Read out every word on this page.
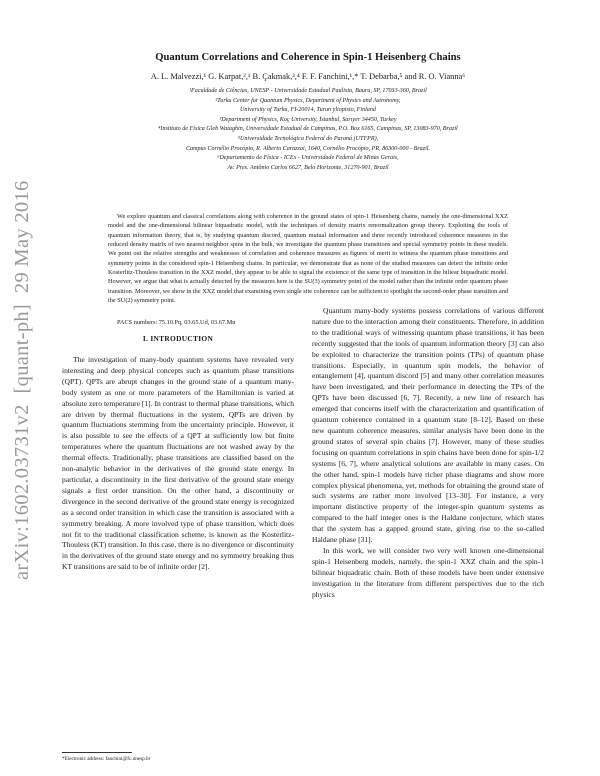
arXiv:1602.03731v2  [quant-ph]  29 May 2016
Quantum Correlations and Coherence in Spin-1 Heisenberg Chains
A. L. Malvezzi,¹ G. Karpat,²,¹ B. Çakmak,³,⁴ F. F. Fanchini,¹,* T. Debarba,⁵ and R. O. Vianna⁶
¹Faculdade de Ciências, UNESP - Universidade Estadual Paulista, Bauru, SP, 17033-360, Brazil
²Turku Center for Quantum Physics, Department of Physics and Astronomy,
University of Turku, FI-20014, Turun yliopisto, Finland
³Department of Physics, Koç University, İstanbul, Sarıyer 34450, Turkey
⁴Instituto de Física Gleb Wataghin, Universidade Estadual de Campinas, P.O. Box 6165, Campinas, SP, 13083-970, Brazil
⁵Universidade Tecnológica Federal do Paraná (UTFPR),
Campus Cornélio Procópio, R. Alberto Carazzai, 1640, Cornélio Procópio, PR, 86300-000 - Brazil.
⁶Departamento de Física - ICEx - Universidade Federal de Minas Gerais,
Av. Pres. Antônio Carlos 6627, Belo Horizonte, 31270-901, Brazil

We explore quantum and classical correlations along with coherence in the ground states of spin-1 Heisenberg chains, namely the one-dimensional XXZ model and the one-dimensional bilinear biquadratic model, with the techniques of density matrix renormalization group theory. Exploiting the tools of quantum information theory, that is, by studying quantum discord, quantum mutual information and three recently introduced coherence measures in the reduced density matrix of two nearest neighbor spins in the bulk, we investigate the quantum phase transitions and special symmetry points in these models. We point out the relative strengths and weaknesses of correlation and coherence measures as figures of merit to witness the quantum phase transitions and symmetry points in the considered spin-1 Heisenberg chains. In particular, we demonstrate that as none of the studied measures can detect the infinite order Kosterlitz-Thouless transition in the XXZ model, they appear to be able to signal the existence of the same type of transition in the biliear biquadratic model. However, we argue that what is actually detected by the measures here is the SU(3) symmetry point of the model rather than the infinite order quantum phase transition. Moreover, we show in the XXZ model that examining even single site coherence can be sufficient to spotlight the second-order phase transition and the SU(2) symmetry point.

PACS numbers: 75.10.Pq, 03.65.Ud, 03.67.Mn
I. INTRODUCTION

The investigation of many-body quantum systems have revealed very interesting and deep physical concepts such as quantum phase transitions (QPT). QPTs are abrupt changes in the ground state of a quantum many-body system as one or more parameters of the Hamiltonian is varied at absolute zero temperature [1]. In contrast to thermal phase transitions, which are driven by thermal fluctuations in the system, QPTs are driven by quantum fluctuations stemming from the uncertainty principle. However, it is also possible to see the effects of a QPT at sufficiently low but finite temperatures where the quantum fluctuations are not washed away by the thermal effects. Traditionally, phase transitions are classified based on the non-analytic behavior in the derivatives of the ground state energy. In particular, a discontinuity in the first derivative of the ground state energy signals a first order transition. On the other hand, a discontinuity or divergence in the second derivative of the ground state energy is recognized as a second order transition in which case the transition is associated with a symmetry breaking. A more involved type of phase transition, which does not fit to the traditional classification scheme, is known as the Kosterlitz-Thouless (KT) transition. In this case, there is no divergence or discontinuity in the derivatives of the ground state energy and no symmetry breaking thus KT transitions are said to be of infinite order [2].

Quantum many-body systems possess correlations of various different nature due to the interaction among their constituents. Therefore, in addition to the traditional ways of witnessing quantum phase transitions, it has been recently suggested that the tools of quantum information theory [3] can also be exploited to characterize the transition points (TPs) of quantum phase transitions. Especially, in quantum spin models, the behavior of entanglement [4], quantum discord [5] and many other correlation measures have been investigated, and their performance in detecting the TPs of the QPTs have been discussed [6, 7]. Recently, a new line of research has emerged that concerns itself with the characterization and quantification of quantum coherence contained in a quantum state [8–12]. Based on these new quantum coherence measures, similar analysis have been done in the ground states of several spin chains [7]. However, many of these studies focusing on quantum correlations in spin chains have been done for spin-1/2 systems [6, 7], where analytical solutions are available in many cases. On the other hand, spin-1 models have richer phase diagrams and show more complex physical phenomena, yet, methods for obtaining the ground state of such systems are rather more involved [13–30]. For instance, a very important distinctive property of the integer-spin quantum systems as compared to the half integer ones is the Haldane conjecture, which states that the system has a gapped ground state, giving rise to the so-called Haldane phase [31].

In this work, we will consider two very well known one-dimensional spin-1 Heisenberg models, namely, the spin-1 XXZ chain and the spin-1 bilinear biquadratic chain. Both of these models have been under extensive investigation in the literature from different perspectives due to the rich physics

*Electronic address: fanchini@fc.unesp.br
